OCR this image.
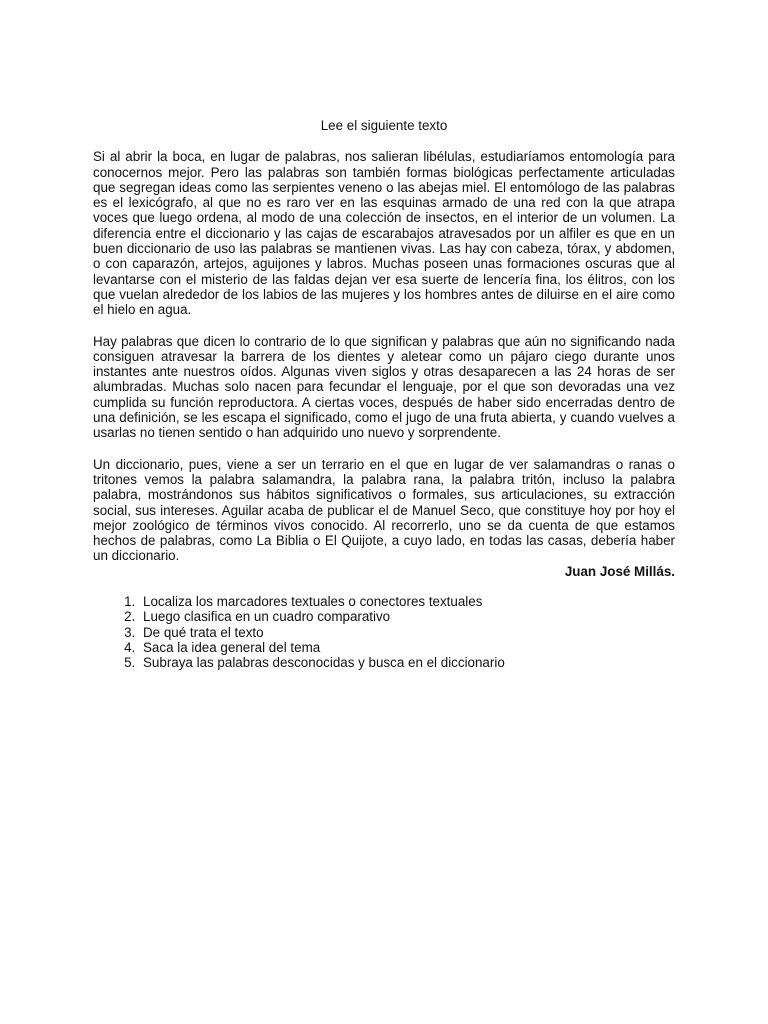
Lee el siguiente texto

Si al abrir la boca, en lugar de palabras, nos salieran libélulas, estudiaríamos entomología para conocernos mejor. Pero las palabras son también formas biológicas perfectamente articuladas que segregan ideas como las serpientes veneno o las abejas miel. El entomólogo de las palabras es el lexicógrafo, al que no es raro ver en las esquinas armado de una red con la que atrapa voces que luego ordena, al modo de una colección de insectos, en el interior de un volumen. La diferencia entre el diccionario y las cajas de escarabajos atravesados por un alfiler es que en un buen diccionario de uso las palabras se mantienen vivas. Las hay con cabeza, tórax, y abdomen, o con caparazón, artejos, aguijones y labros. Muchas poseen unas formaciones oscuras que al levantarse con el misterio de las faldas dejan ver esa suerte de lencería fina, los élitros, con los que vuelan alrededor de los labios de las mujeres y los hombres antes de diluirse en el aire como el hielo en agua.

Hay palabras que dicen lo contrario de lo que significan y palabras que aún no significando nada consiguen atravesar la barrera de los dientes y aletear como un pájaro ciego durante unos instantes ante nuestros oídos. Algunas viven siglos y otras desaparecen a las 24 horas de ser alumbradas. Muchas solo nacen para fecundar el lenguaje, por el que son devoradas una vez cumplida su función reproductora. A ciertas voces, después de haber sido encerradas dentro de una definición, se les escapa el significado, como el jugo de una fruta abierta, y cuando vuelves a usarlas no tienen sentido o han adquirido uno nuevo y sorprendente.

Un diccionario, pues, viene a ser un terrario en el que en lugar de ver salamandras o ranas o tritones vemos la palabra salamandra, la palabra rana, la palabra tritón, incluso la palabra palabra, mostrándonos sus hábitos significativos o formales, sus articulaciones, su extracción social, sus intereses. Aguilar acaba de publicar el de Manuel Seco, que constituye hoy por hoy el mejor zoológico de términos vivos conocido. Al recorrerlo, uno se da cuenta de que estamos hechos de palabras, como La Biblia o El Quijote, a cuyo lado, en todas las casas, debería haber un diccionario.

Juan José Millás.

1. Localiza los marcadores textuales o conectores textuales
2. Luego clasifica en un cuadro comparativo
3. De qué trata el texto
4. Saca la idea general del tema
5. Subraya las palabras desconocidas y busca en el diccionario
